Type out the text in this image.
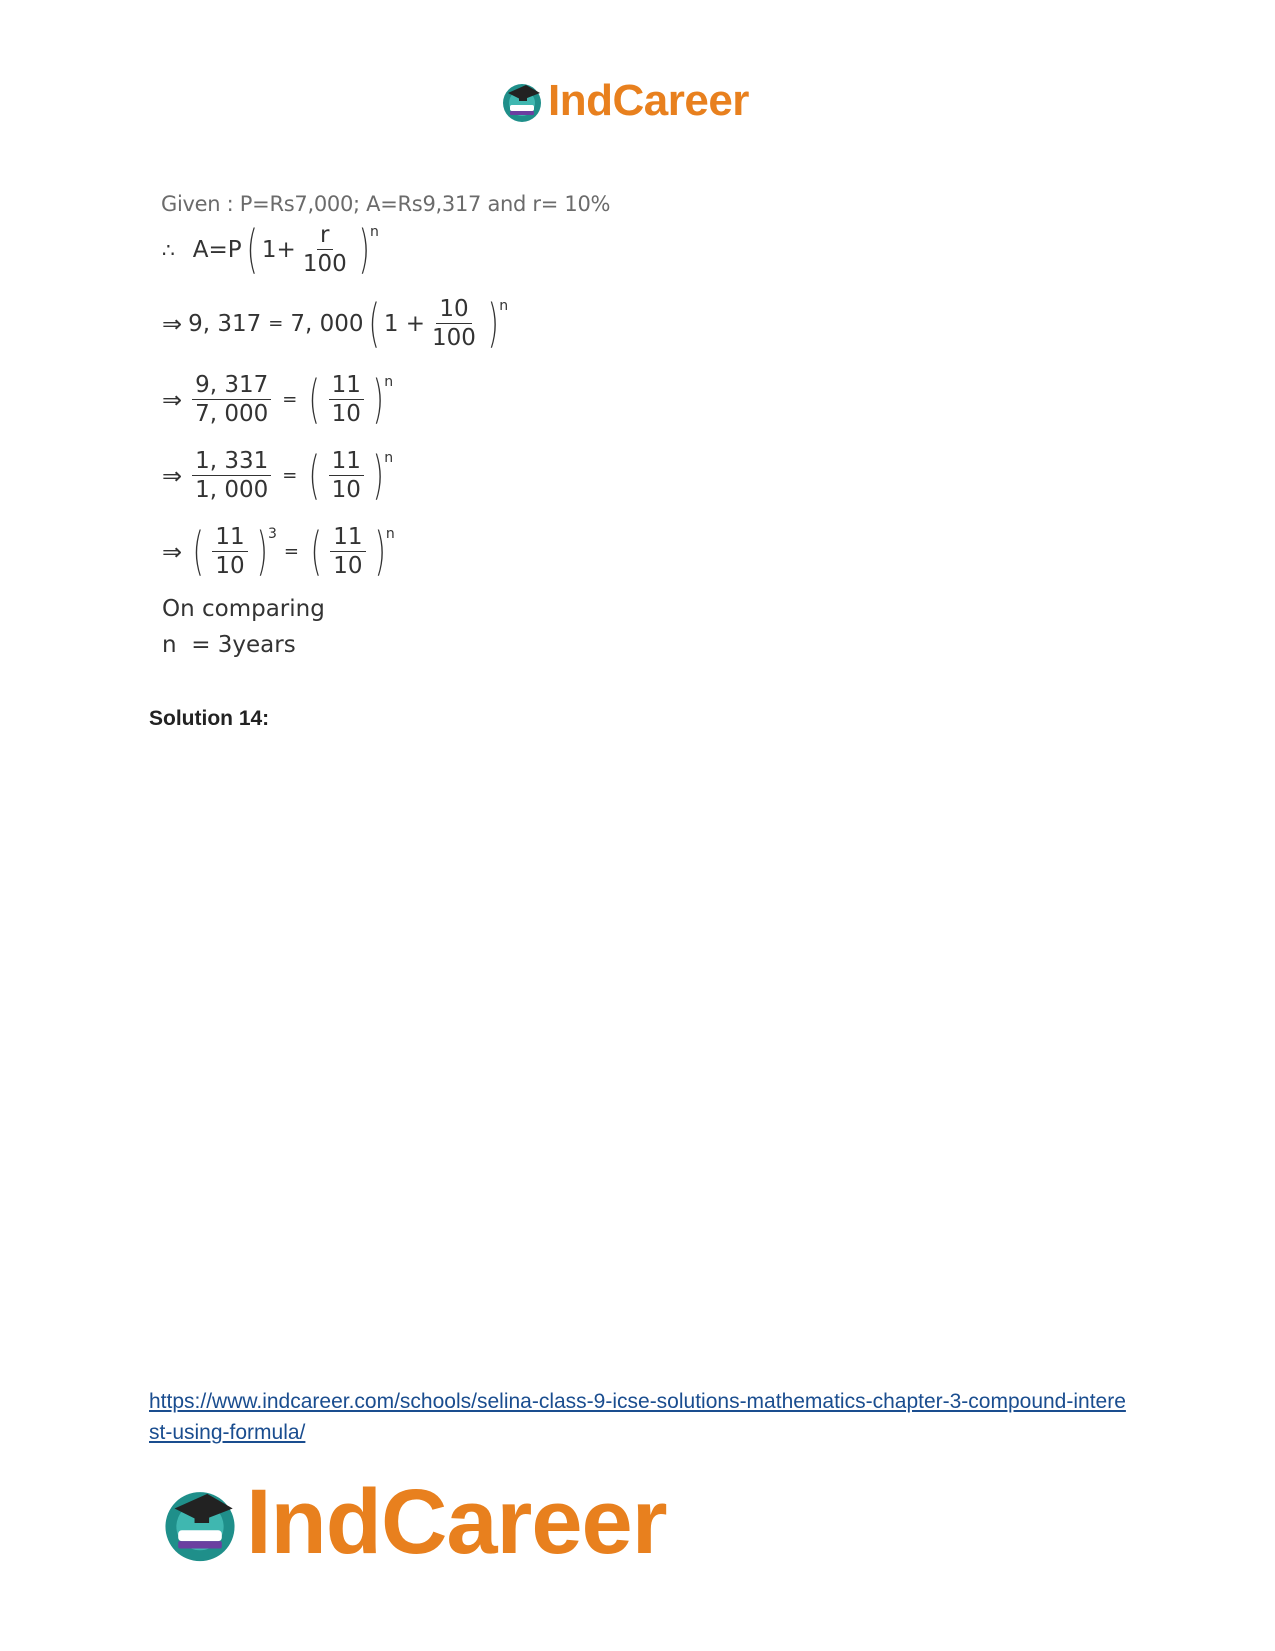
IndCareer
Given : P=Rs7,000; A=Rs9,317 and r= 10%
∴ A=P ( $1+ \frac{r}{100}$ ) n
⇒ 9, 317 = 7, 000 ( $1 + \frac{10}{100}$ ) n
⇒ $\frac{9, 317}{7, 000}$ = ( $\frac{11}{10}$ ) n
⇒ $\frac{1, 331}{1, 000}$ = ( $\frac{11}{10}$ ) n
⇒ ( $\frac{11}{10}$ ) 3
= ( $\frac{11}{10}$ ) n
On comparing
n  = 3years
Solution 14:
https://www.indcareer.com/schools/selina-class-9-icse-solutions-mathematics-chapter-3-compound-interest-using-formula/
IndCareer
